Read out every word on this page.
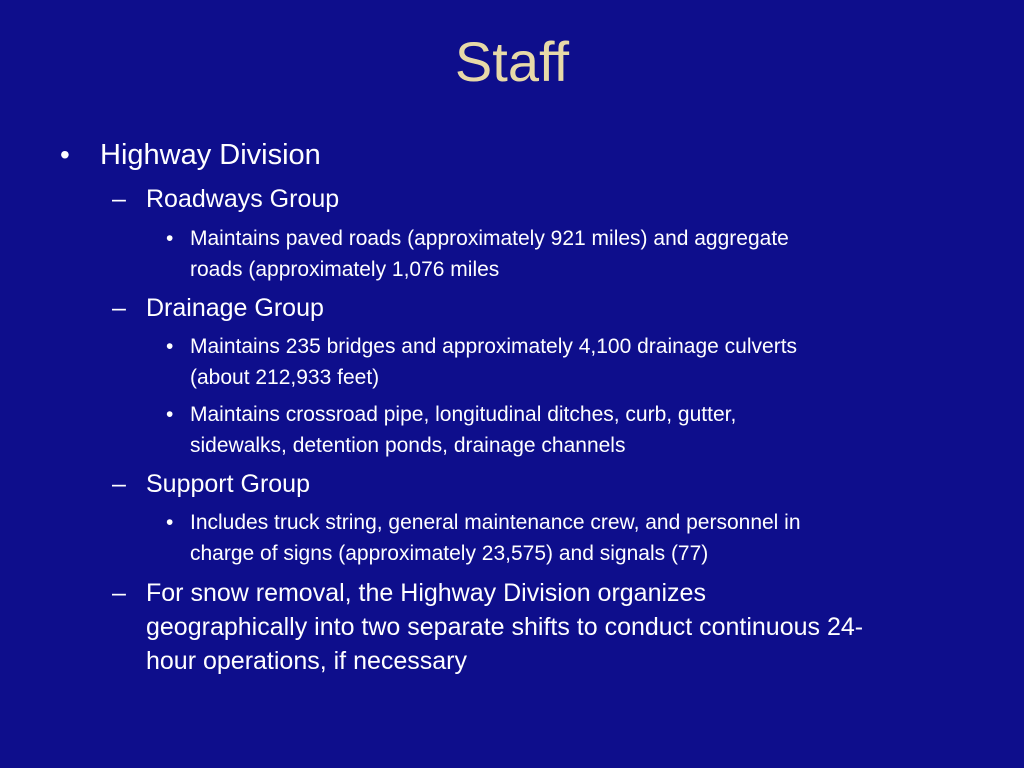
Staff
• Highway Division
– Roadways Group
• Maintains paved roads (approximately 921 miles) and aggregate
roads (approximately 1,076 miles
– Drainage Group
• Maintains 235 bridges and approximately 4,100 drainage culverts
(about 212,933 feet)
• Maintains crossroad pipe, longitudinal ditches, curb, gutter,
sidewalks, detention ponds, drainage channels
– Support Group
• Includes truck string, general maintenance crew, and personnel in
charge of signs (approximately 23,575) and signals (77)
– For snow removal, the Highway Division organizes
geographically into two separate shifts to conduct continuous 24-
hour operations, if necessary
